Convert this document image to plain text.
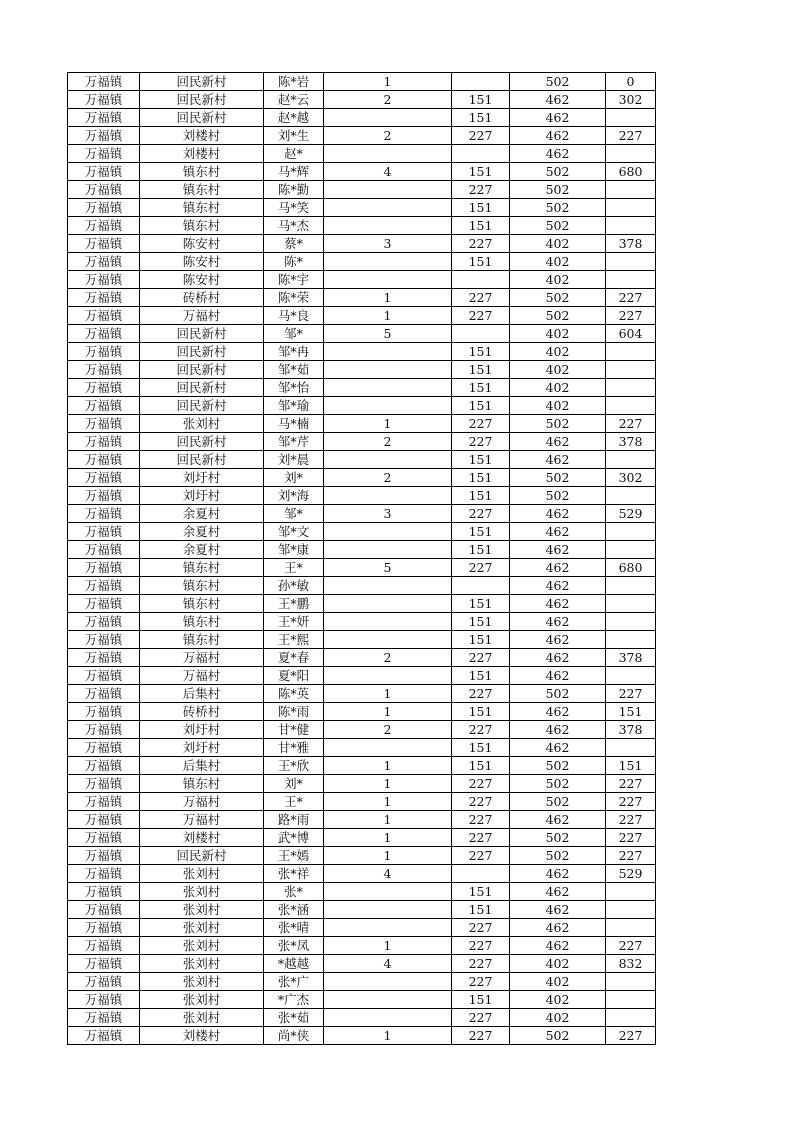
万福镇	回民新村	陈*岩	1		502	0
万福镇	回民新村	赵*云	2	151	462	302
万福镇	回民新村	赵*越		151	462	
万福镇	刘楼村	刘*生	2	227	462	227
万福镇	刘楼村	赵*			462	
万福镇	镇东村	马*辉	4	151	502	680
万福镇	镇东村	陈*勤		227	502	
万福镇	镇东村	马*笑		151	502	
万福镇	镇东村	马*杰		151	502	
万福镇	陈安村	蔡*	3	227	402	378
万福镇	陈安村	陈*		151	402	
万福镇	陈安村	陈*宇			402	
万福镇	砖桥村	陈*荣	1	227	502	227
万福镇	万福村	马*良	1	227	502	227
万福镇	回民新村	邹*	5		402	604
万福镇	回民新村	邹*冉		151	402	
万福镇	回民新村	邹*茹		151	402	
万福镇	回民新村	邹*怡		151	402	
万福镇	回民新村	邹*瑜		151	402	
万福镇	张刘村	马*楠	1	227	502	227
万福镇	回民新村	邹*芹	2	227	462	378
万福镇	回民新村	刘*晨		151	462	
万福镇	刘圩村	刘*	2	151	502	302
万福镇	刘圩村	刘*海		151	502	
万福镇	余夏村	邹*	3	227	462	529
万福镇	余夏村	邹*文		151	462	
万福镇	余夏村	邹*康		151	462	
万福镇	镇东村	王*	5	227	462	680
万福镇	镇东村	孙*敏			462	
万福镇	镇东村	王*鹏		151	462	
万福镇	镇东村	王*妍		151	462	
万福镇	镇东村	王*熙		151	462	
万福镇	万福村	夏*春	2	227	462	378
万福镇	万福村	夏*阳		151	462	
万福镇	后集村	陈*英	1	227	502	227
万福镇	砖桥村	陈*雨	1	151	462	151
万福镇	刘圩村	甘*健	2	227	462	378
万福镇	刘圩村	甘*雅		151	462	
万福镇	后集村	王*欣	1	151	502	151
万福镇	镇东村	刘*	1	227	502	227
万福镇	万福村	王*	1	227	502	227
万福镇	万福村	路*雨	1	227	462	227
万福镇	刘楼村	武*博	1	227	502	227
万福镇	回民新村	王*嫣	1	227	502	227
万福镇	张刘村	张*祥	4		462	529
万福镇	张刘村	张*		151	462	
万福镇	张刘村	张*涵		151	462	
万福镇	张刘村	张*晴		227	462	
万福镇	张刘村	张*凤	1	227	462	227
万福镇	张刘村	*越越	4	227	402	832
万福镇	张刘村	张*广		227	402	
万福镇	张刘村	*广杰		151	402	
万福镇	张刘村	张*茹		227	402	
万福镇	刘楼村	尚*侠	1	227	502	227
